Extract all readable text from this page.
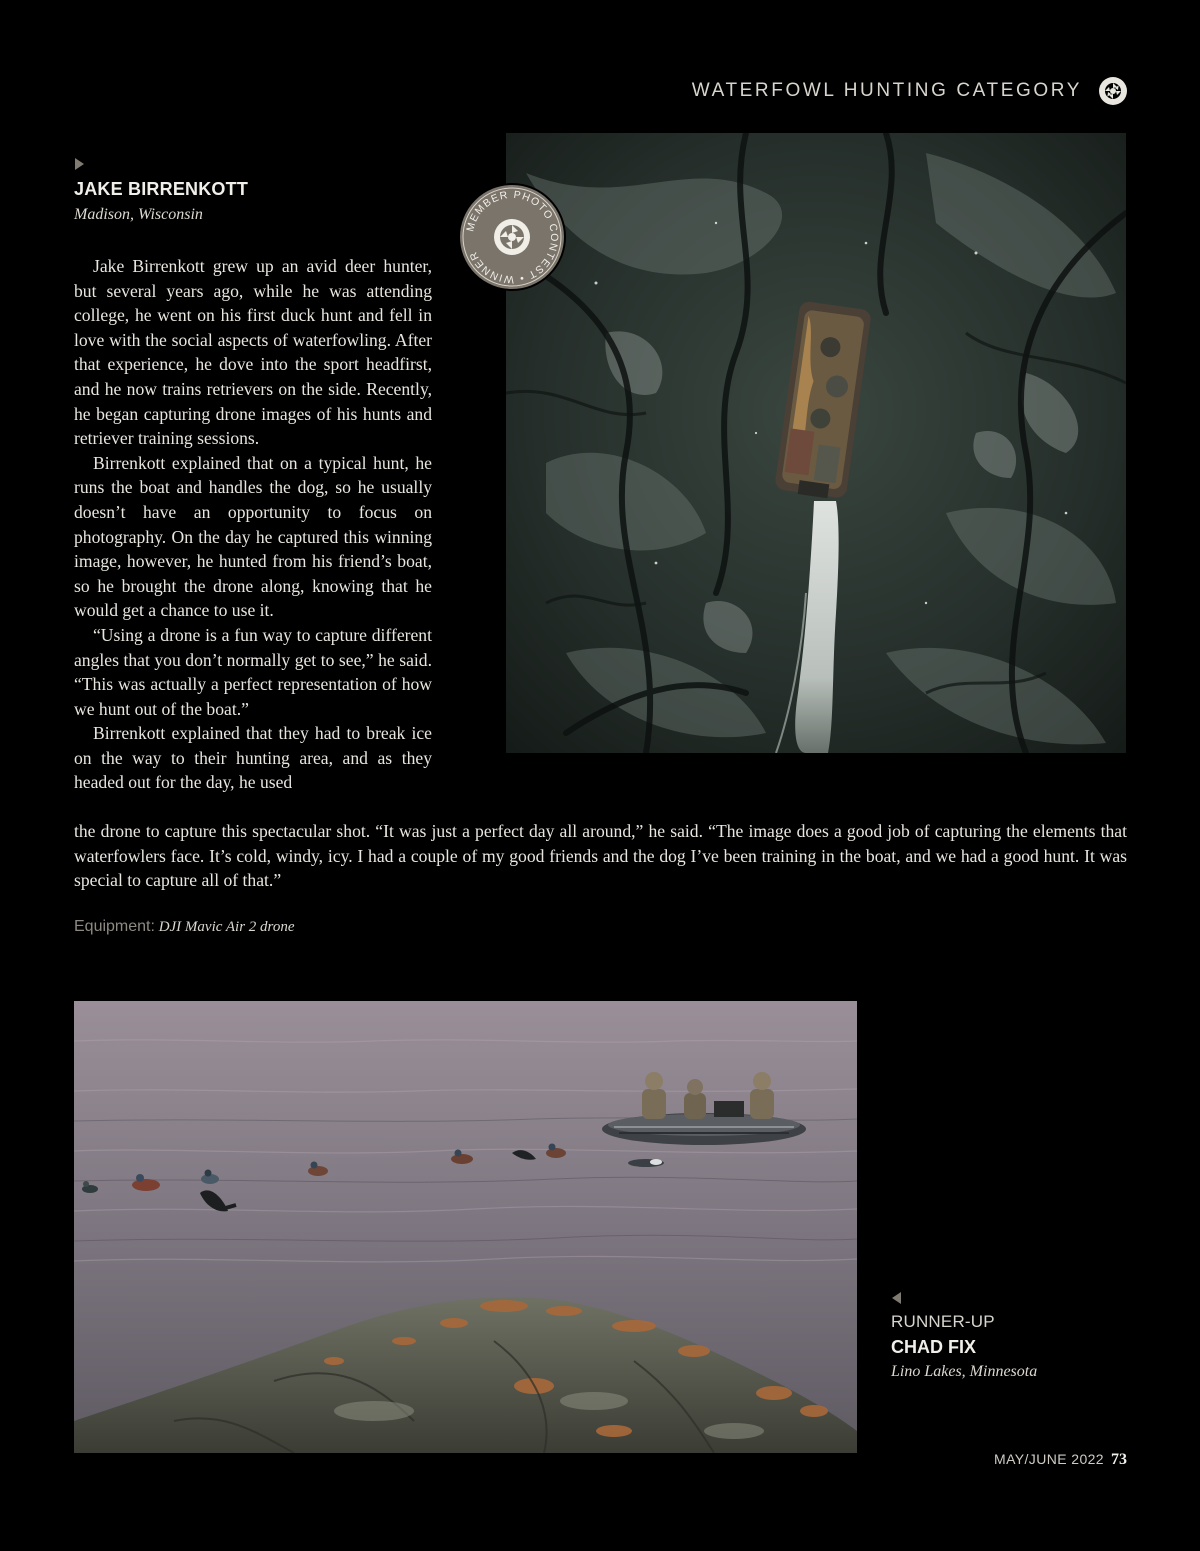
WATERFOWL HUNTING CATEGORY
JAKE BIRRENKOTT
Madison, Wisconsin

Jake Birrenkott grew up an avid deer hunter, but several years ago, while he was attending college, he went on his first duck hunt and fell in love with the social aspects of waterfowling. After that experience, he dove into the sport headfirst, and he now trains retrievers on the side. Recently, he began capturing drone images of his hunts and retriever training sessions.

Birrenkott explained that on a typical hunt, he runs the boat and handles the dog, so he usually doesn’t have an opportunity to focus on photography. On the day he captured this winning image, however, he hunted from his friend’s boat, so he brought the drone along, knowing that he would get a chance to use it.

“Using a drone is a fun way to capture different angles that you don’t normally get to see,” he said. “This was actually a perfect representation of how we hunt out of the boat.”

Birrenkott explained that they had to break ice on the way to their hunting area, and as they headed out for the day, he used

the drone to capture this spectacular shot. “It was just a perfect day all around,” he said. “The image does a good job of capturing the elements that waterfowlers face. It’s cold, windy, icy. I had a couple of my good friends and the dog I’ve been training in the boat, and we had a good hunt. It was special to capture all of that.”

Equipment: DJI Mavic Air 2 drone
MEMBER PHOTO CONTEST • WINNER
RUNNER-UP
CHAD FIX
Lino Lakes, Minnesota
MAY/JUNE 2022 73
